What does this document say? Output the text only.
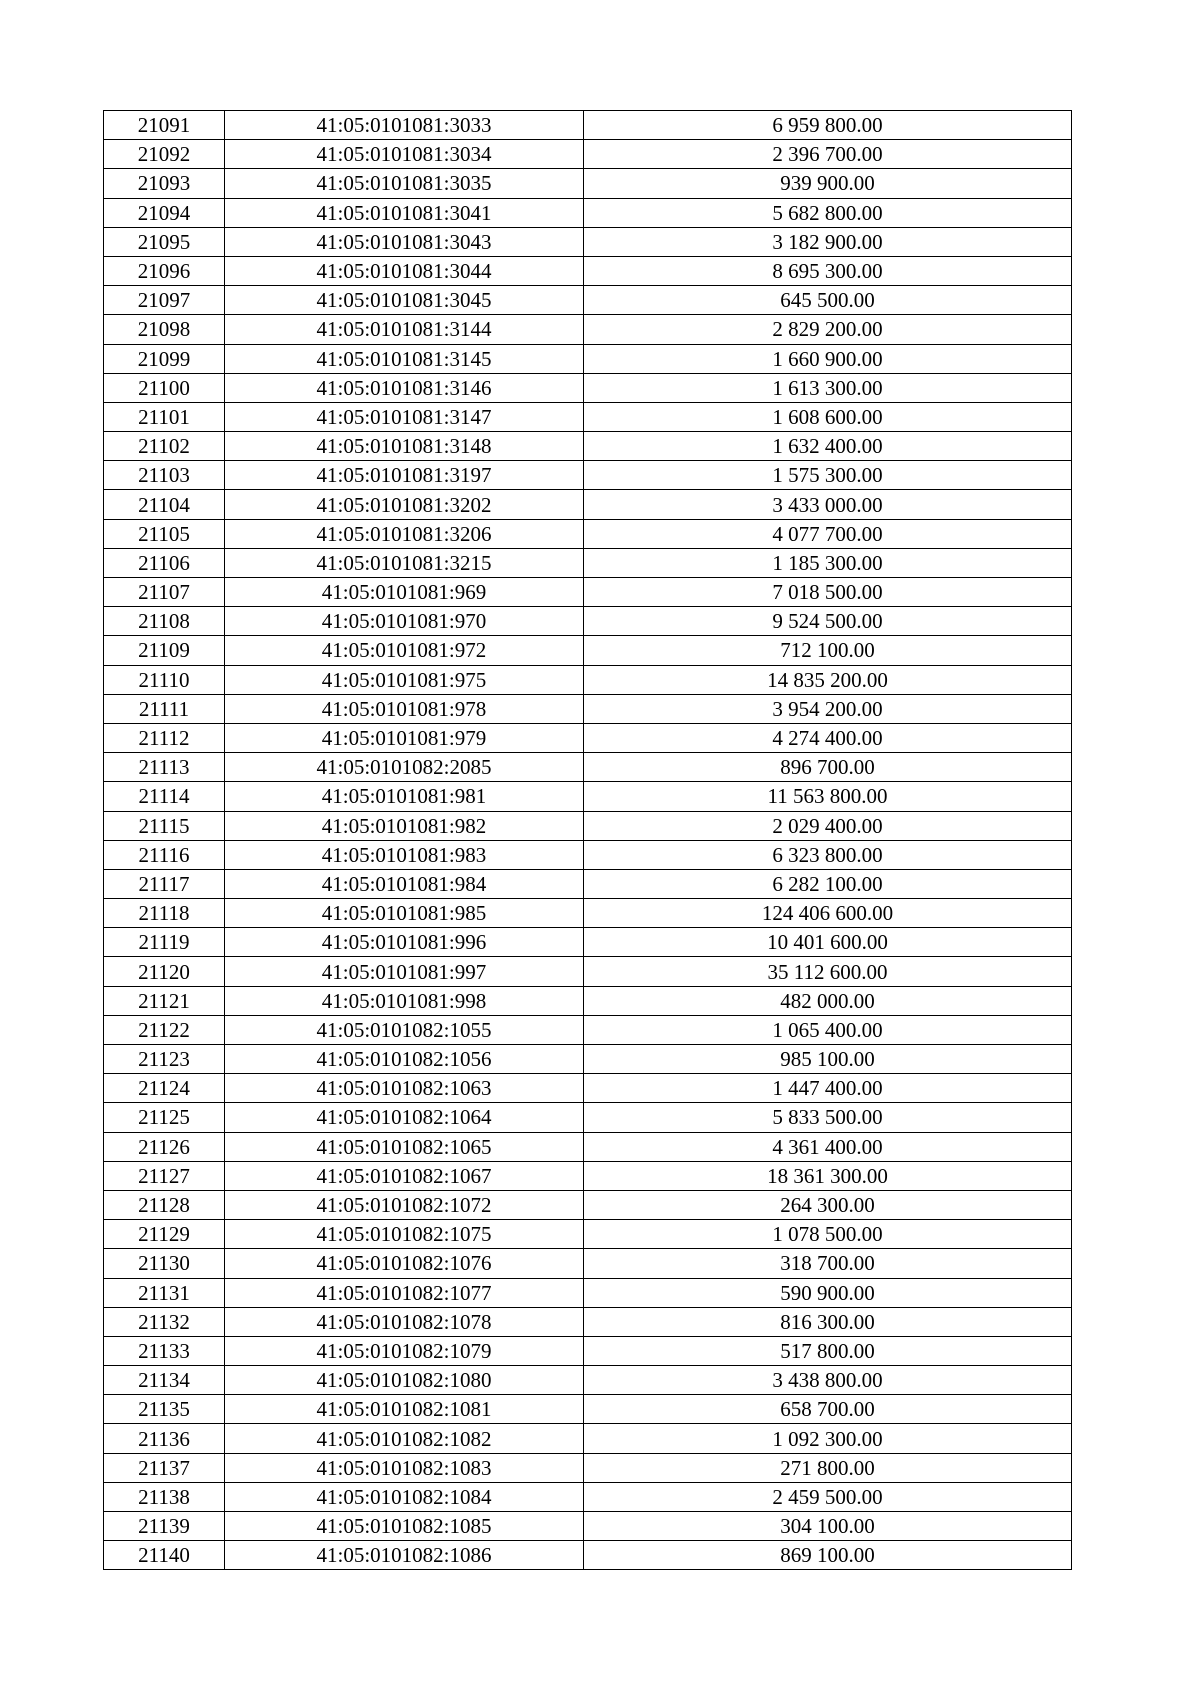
21091	41:05:0101081:3033	6 959 800.00
21092	41:05:0101081:3034	2 396 700.00
21093	41:05:0101081:3035	939 900.00
21094	41:05:0101081:3041	5 682 800.00
21095	41:05:0101081:3043	3 182 900.00
21096	41:05:0101081:3044	8 695 300.00
21097	41:05:0101081:3045	645 500.00
21098	41:05:0101081:3144	2 829 200.00
21099	41:05:0101081:3145	1 660 900.00
21100	41:05:0101081:3146	1 613 300.00
21101	41:05:0101081:3147	1 608 600.00
21102	41:05:0101081:3148	1 632 400.00
21103	41:05:0101081:3197	1 575 300.00
21104	41:05:0101081:3202	3 433 000.00
21105	41:05:0101081:3206	4 077 700.00
21106	41:05:0101081:3215	1 185 300.00
21107	41:05:0101081:969	7 018 500.00
21108	41:05:0101081:970	9 524 500.00
21109	41:05:0101081:972	712 100.00
21110	41:05:0101081:975	14 835 200.00
21111	41:05:0101081:978	3 954 200.00
21112	41:05:0101081:979	4 274 400.00
21113	41:05:0101082:2085	896 700.00
21114	41:05:0101081:981	11 563 800.00
21115	41:05:0101081:982	2 029 400.00
21116	41:05:0101081:983	6 323 800.00
21117	41:05:0101081:984	6 282 100.00
21118	41:05:0101081:985	124 406 600.00
21119	41:05:0101081:996	10 401 600.00
21120	41:05:0101081:997	35 112 600.00
21121	41:05:0101081:998	482 000.00
21122	41:05:0101082:1055	1 065 400.00
21123	41:05:0101082:1056	985 100.00
21124	41:05:0101082:1063	1 447 400.00
21125	41:05:0101082:1064	5 833 500.00
21126	41:05:0101082:1065	4 361 400.00
21127	41:05:0101082:1067	18 361 300.00
21128	41:05:0101082:1072	264 300.00
21129	41:05:0101082:1075	1 078 500.00
21130	41:05:0101082:1076	318 700.00
21131	41:05:0101082:1077	590 900.00
21132	41:05:0101082:1078	816 300.00
21133	41:05:0101082:1079	517 800.00
21134	41:05:0101082:1080	3 438 800.00
21135	41:05:0101082:1081	658 700.00
21136	41:05:0101082:1082	1 092 300.00
21137	41:05:0101082:1083	271 800.00
21138	41:05:0101082:1084	2 459 500.00
21139	41:05:0101082:1085	304 100.00
21140	41:05:0101082:1086	869 100.00
